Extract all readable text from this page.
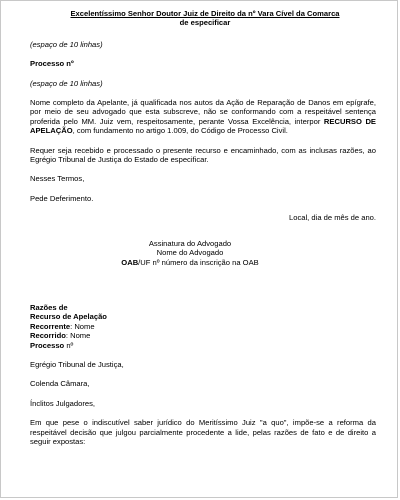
Excelentíssimo Senhor Doutor Juiz de Direito da nº Vara Cível da Comarca
de especificar

(espaço de 10 linhas)

Processo nº

(espaço de 10 linhas)

Nome completo da Apelante, já qualificada nos autos da Ação de Reparação de Danos em epígrafe, por meio de seu advogado que esta subscreve, não se conformando com a respeitável sentença proferida pelo MM. Juiz vem, respeitosamente, perante Vossa Excelência, interpor RECURSO DE APELAÇÃO, com fundamento no artigo 1.009, do Código de Processo Civil.

Requer seja recebido e processado o presente recurso e encaminhado, com as inclusas razões, ao Egrégio Tribunal de Justiça do Estado de especificar.

Nesses Termos,

Pede Deferimento.

Local, dia de mês de ano.

Assinatura do Advogado
Nome do Advogado
OAB/UF nº número da inscrição na OAB
Razões de
Recurso de Apelação
Recorrente: Nome
Recorrido: Nome
Processo nº

Egrégio Tribunal de Justiça,

Colenda Câmara,

Ínclitos Julgadores,

Em que pese o indiscutível saber jurídico do Meritíssimo Juiz "a quo", impõe-se a reforma da respeitável decisão que julgou parcialmente procedente a lide, pelas razões de fato e de direito a seguir expostas:
